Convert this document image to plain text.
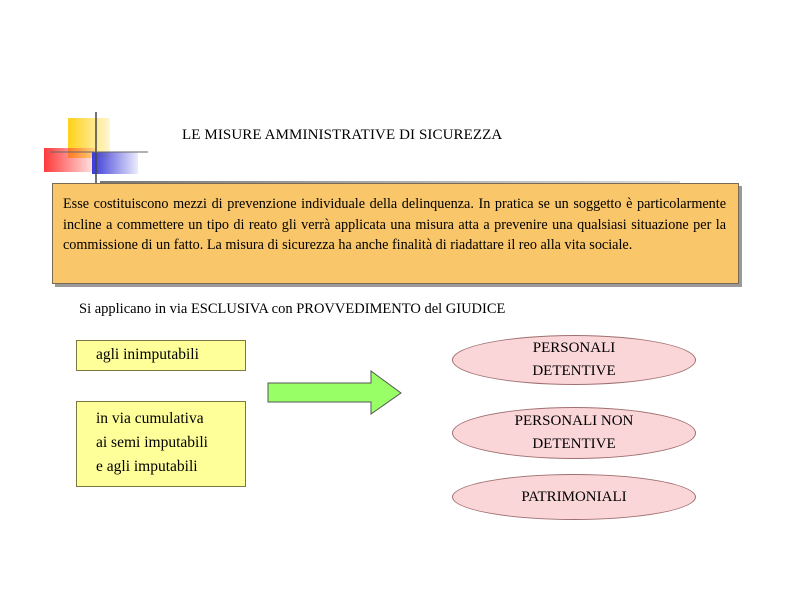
LE MISURE AMMINISTRATIVE DI SICUREZZA
Esse costituiscono mezzi di prevenzione individuale della delinquenza. In pratica se un soggetto è particolarmente incline a commettere un tipo di reato gli verrà applicata una misura atta a prevenire una qualsiasi situazione per la commissione di un fatto. La misura di sicurezza ha anche finalità di riadattare il reo alla vita sociale.
Si applicano in via ESCLUSIVA con PROVVEDIMENTO del GIUDICE
agli inimputabili
in via cumulativa
ai semi imputabili
e agli imputabili
PERSONALI
DETENTIVE
PERSONALI NON
DETENTIVE
PATRIMONIALI
